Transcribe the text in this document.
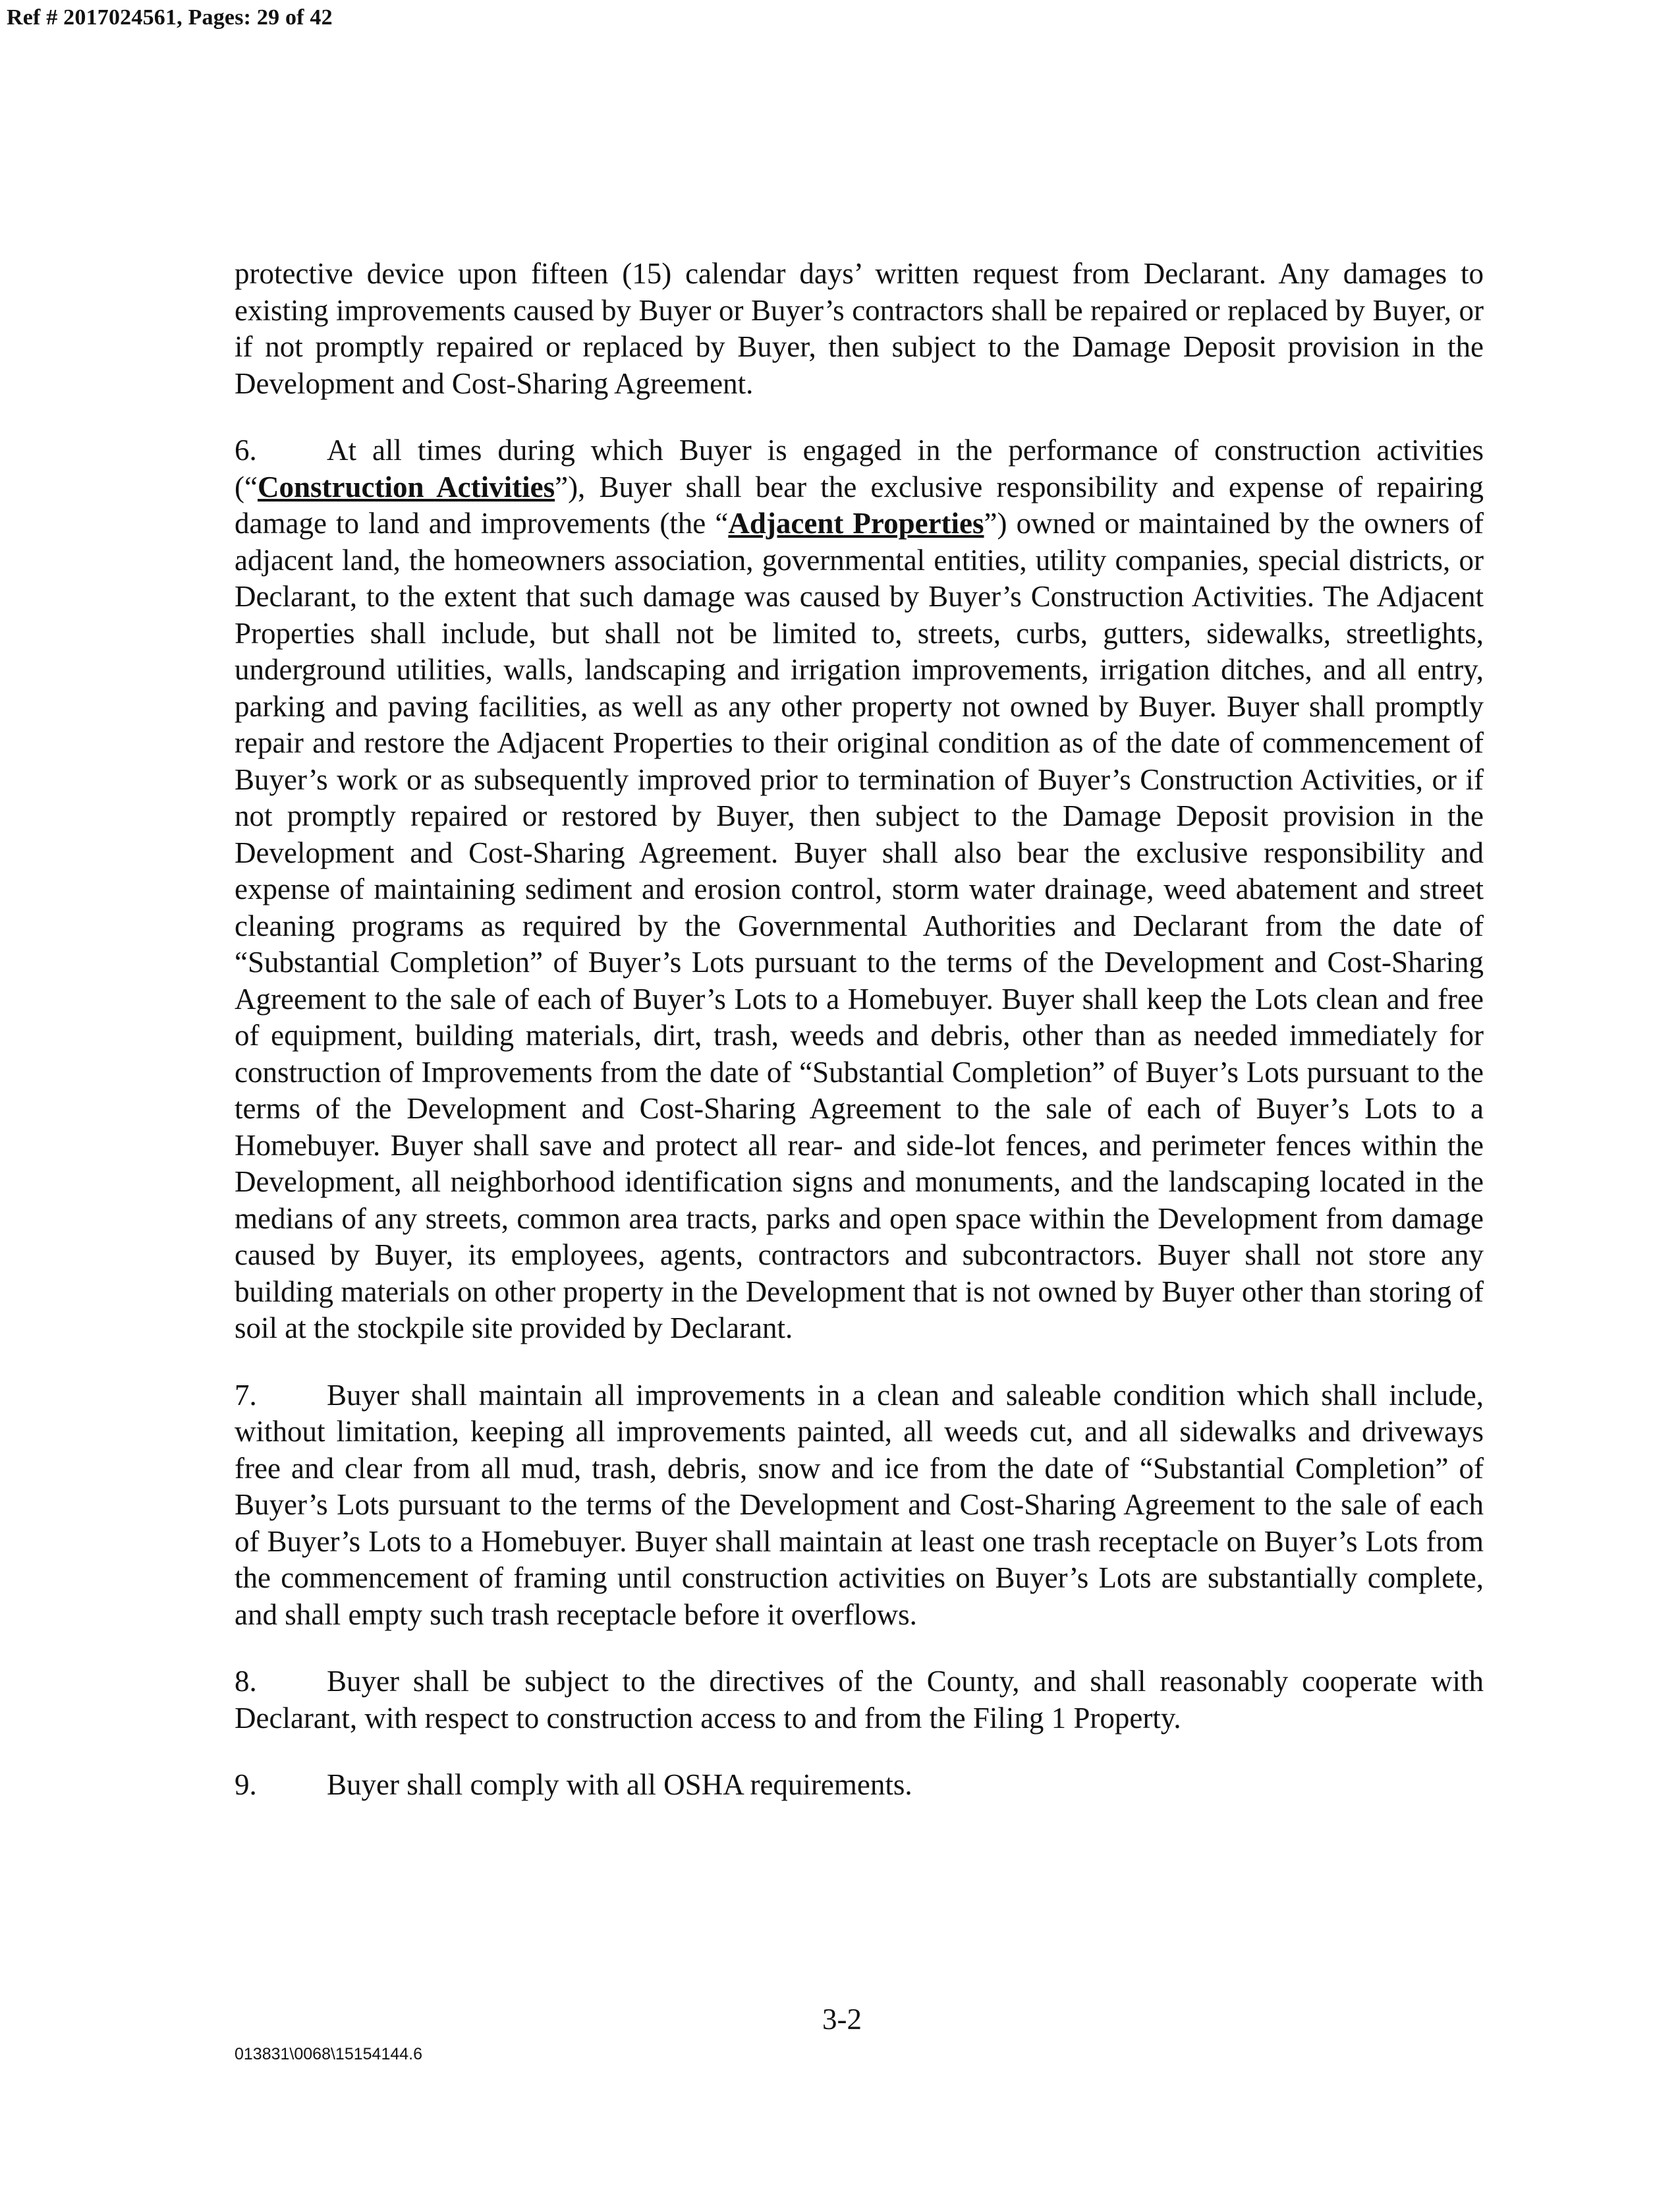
Ref # 2017024561, Pages: 29 of 42

protective device upon fifteen (15) calendar days’ written request from Declarant. Any damages to existing improvements caused by Buyer or Buyer’s contractors shall be repaired or replaced by Buyer, or if not promptly repaired or replaced by Buyer, then subject to the Damage Deposit provision in the Development and Cost-Sharing Agreement.

6. At all times during which Buyer is engaged in the performance of construction activities (“Construction Activities”), Buyer shall bear the exclusive responsibility and expense of repairing damage to land and improvements (the “Adjacent Properties”) owned or maintained by the owners of adjacent land, the homeowners association, governmental entities, utility companies, special districts, or Declarant, to the extent that such damage was caused by Buyer’s Construction Activities. The Adjacent Properties shall include, but shall not be limited to, streets, curbs, gutters, sidewalks, streetlights, underground utilities, walls, landscaping and irrigation improvements, irrigation ditches, and all entry, parking and paving facilities, as well as any other property not owned by Buyer. Buyer shall promptly repair and restore the Adjacent Properties to their original condition as of the date of commencement of Buyer’s work or as subsequently improved prior to termination of Buyer’s Construction Activities, or if not promptly repaired or restored by Buyer, then subject to the Damage Deposit provision in the Development and Cost-Sharing Agreement. Buyer shall also bear the exclusive responsibility and expense of maintaining sediment and erosion control, storm water drainage, weed abatement and street cleaning programs as required by the Governmental Authorities and Declarant from the date of “Substantial Completion” of Buyer’s Lots pursuant to the terms of the Development and Cost-Sharing Agreement to the sale of each of Buyer’s Lots to a Homebuyer. Buyer shall keep the Lots clean and free of equipment, building materials, dirt, trash, weeds and debris, other than as needed immediately for construction of Improvements from the date of “Substantial Completion” of Buyer’s Lots pursuant to the terms of the Development and Cost-Sharing Agreement to the sale of each of Buyer’s Lots to a Homebuyer. Buyer shall save and protect all rear- and side-lot fences, and perimeter fences within the Development, all neighborhood identification signs and monuments, and the landscaping located in the medians of any streets, common area tracts, parks and open space within the Development from damage caused by Buyer, its employees, agents, contractors and subcontractors. Buyer shall not store any building materials on other property in the Development that is not owned by Buyer other than storing of soil at the stockpile site provided by Declarant.

7. Buyer shall maintain all improvements in a clean and saleable condition which shall include, without limitation, keeping all improvements painted, all weeds cut, and all sidewalks and driveways free and clear from all mud, trash, debris, snow and ice from the date of “Substantial Completion” of Buyer’s Lots pursuant to the terms of the Development and Cost-Sharing Agreement to the sale of each of Buyer’s Lots to a Homebuyer. Buyer shall maintain at least one trash receptacle on Buyer’s Lots from the commencement of framing until construction activities on Buyer’s Lots are substantially complete, and shall empty such trash receptacle before it overflows.

8. Buyer shall be subject to the directives of the County, and shall reasonably cooperate with Declarant, with respect to construction access to and from the Filing 1 Property.

9. Buyer shall comply with all OSHA requirements.

3-2
013831\0068\15154144.6
